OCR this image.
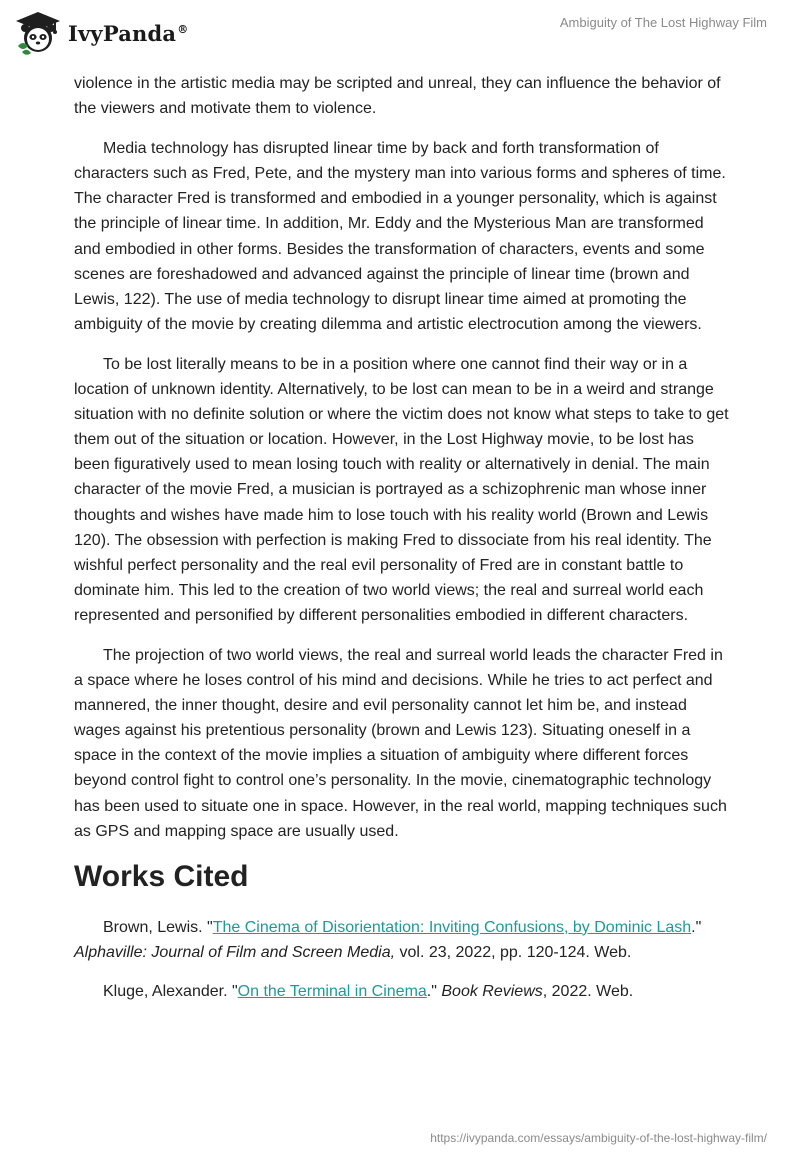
IvyPanda®	Ambiguity of The Lost Highway Film

violence in the artistic media may be scripted and unreal, they can influence the behavior of the viewers and motivate them to violence.

Media technology has disrupted linear time by back and forth transformation of characters such as Fred, Pete, and the mystery man into various forms and spheres of time. The character Fred is transformed and embodied in a younger personality, which is against the principle of linear time. In addition, Mr. Eddy and the Mysterious Man are transformed and embodied in other forms. Besides the transformation of characters, events and some scenes are foreshadowed and advanced against the principle of linear time (brown and Lewis, 122). The use of media technology to disrupt linear time aimed at promoting the ambiguity of the movie by creating dilemma and artistic electrocution among the viewers.

To be lost literally means to be in a position where one cannot find their way or in a location of unknown identity. Alternatively, to be lost can mean to be in a weird and strange situation with no definite solution or where the victim does not know what steps to take to get them out of the situation or location. However, in the Lost Highway movie, to be lost has been figuratively used to mean losing touch with reality or alternatively in denial. The main character of the movie Fred, a musician is portrayed as a schizophrenic man whose inner thoughts and wishes have made him to lose touch with his reality world (Brown and Lewis 120). The obsession with perfection is making Fred to dissociate from his real identity. The wishful perfect personality and the real evil personality of Fred are in constant battle to dominate him. This led to the creation of two world views; the real and surreal world each represented and personified by different personalities embodied in different characters.

The projection of two world views, the real and surreal world leads the character Fred in a space where he loses control of his mind and decisions. While he tries to act perfect and mannered, the inner thought, desire and evil personality cannot let him be, and instead wages against his pretentious personality (brown and Lewis 123). Situating oneself in a space in the context of the movie implies a situation of ambiguity where different forces beyond control fight to control one’s personality. In the movie, cinematographic technology has been used to situate one in space. However, in the real world, mapping techniques such as GPS and mapping space are usually used.

Works Cited

Brown, Lewis. "The Cinema of Disorientation: Inviting Confusions, by Dominic Lash." Alphaville: Journal of Film and Screen Media, vol. 23, 2022, pp. 120-124. Web.

Kluge, Alexander. "On the Terminal in Cinema." Book Reviews, 2022. Web.

https://ivypanda.com/essays/ambiguity-of-the-lost-highway-film/
